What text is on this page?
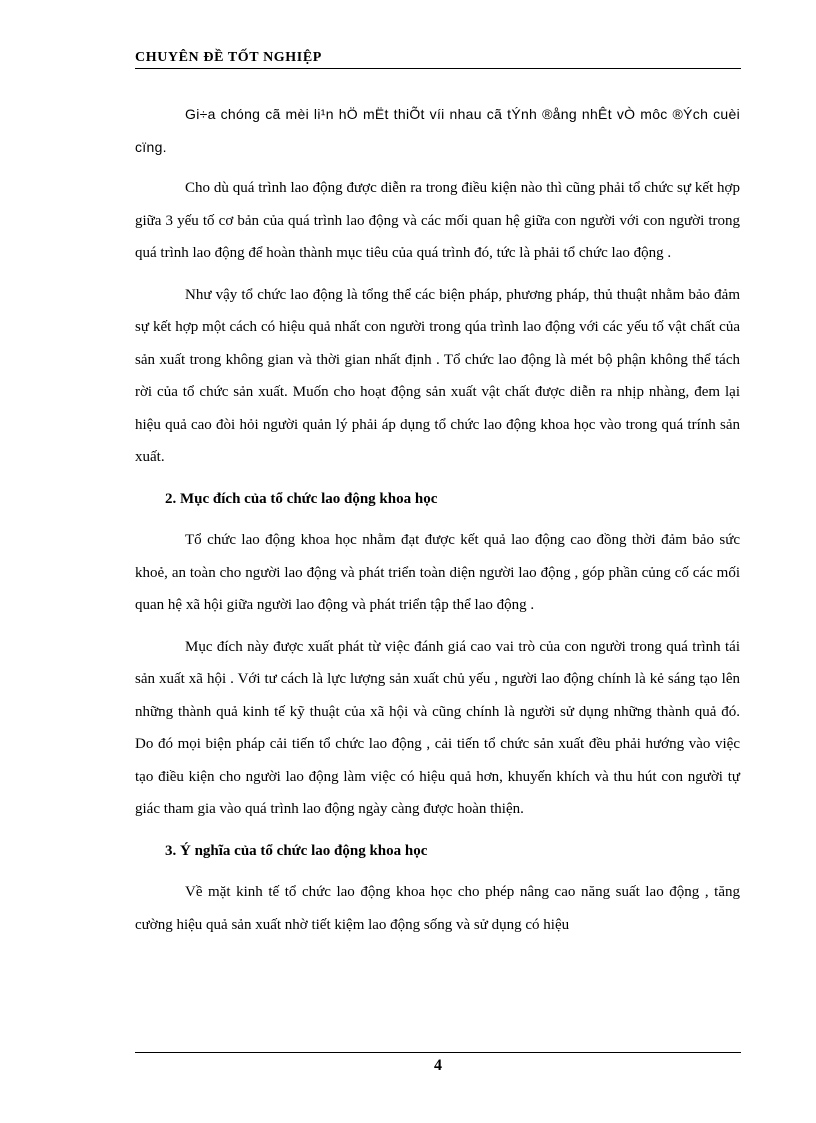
CHUYÊN ĐỀ TỐT NGHIỆP

Gi÷a chóng cã mèi li¹n hÖ mËt thiÕt víi nhau cã tÝnh ®ång nhÊt vÒ môc ®Ých cuèi cïng.

Cho dù quá trình lao động được diễn ra trong điều kiện nào thì cũng phải tổ chức sự kết hợp giữa 3 yếu tố cơ bản của quá trình lao động và các mối quan hệ giữa con người với con người trong quá trình lao động để hoàn thành mục tiêu của quá trình đó, tức là phải tổ chức lao động .

Như vậy tổ chức lao động là tổng thể các biện pháp, phương pháp, thủ thuật nhằm bảo đảm sự kết hợp một cách có hiệu quả nhất con người trong qúa trình lao động với các yếu tố vật chất của sản xuất trong không gian và thời gian nhất định . Tổ chức lao động là mét bộ phận không thể tách rời của tổ chức sản xuất. Muốn cho hoạt động sản xuất vật chất được diễn ra nhịp nhàng, đem lại hiệu quả cao đòi hỏi người quản lý phải áp dụng tổ chức lao động khoa học vào trong quá trính sản xuất.

2. Mục đích của tổ chức lao động khoa học

Tổ chức lao động khoa học nhằm đạt được kết quả lao động cao đồng thời đảm bảo sức khoẻ, an toàn cho người lao động và phát triển toàn diện người lao động , góp phần củng cố các mối quan hệ xã hội giữa người lao động và phát triển tập thể lao động .

Mục đích này được xuất phát từ việc đánh giá cao vai trò của con người trong quá trình tái sản xuất xã hội . Với tư cách là lực lượng sản xuất chủ yếu , người lao động chính là kẻ sáng tạo lên những thành quả kinh tế kỹ thuật của xã hội và cũng chính là người sử dụng những thành quả đó. Do đó mọi biện pháp cải tiến tổ chức lao động , cải tiến tổ chức sản xuất đều phải hướng vào việc tạo điều kiện cho người lao động làm việc có hiệu quả hơn, khuyến khích và thu hút con người tự giác tham gia vào quá trình lao động ngày càng được hoàn thiện.

3. Ý nghĩa của tổ chức lao động khoa học

Về mặt kinh tế tổ chức lao động khoa học cho phép nâng cao năng suất lao động , tăng cường hiệu quả sản xuất nhờ tiết kiệm lao động sống và sử dụng có hiệu

4
